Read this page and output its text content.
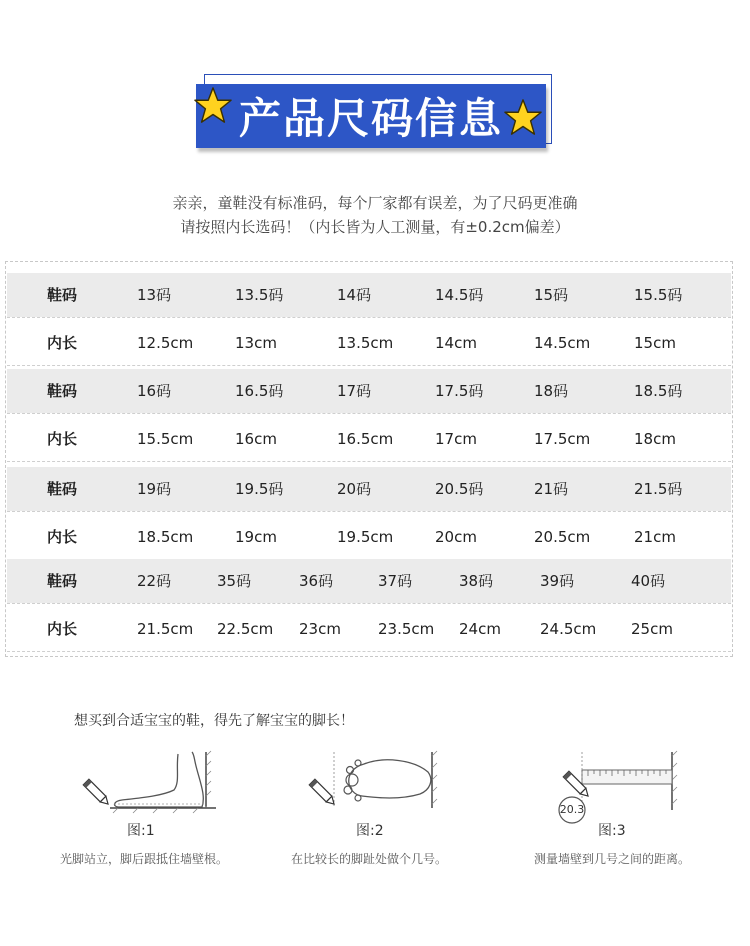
产品尺码信息
亲亲，童鞋没有标准码，每个厂家都有误差，为了尺码更准确
请按照内长选码！（内长皆为人工测量，有±0.2cm偏差）
鞋码	13码	13.5码	14码	14.5码	15码	15.5码
内长	12.5cm	13cm	13.5cm	14cm	14.5cm	15cm
鞋码	16码	16.5码	17码	17.5码	18码	18.5码
内长	15.5cm	16cm	16.5cm	17cm	17.5cm	18cm
鞋码	19码	19.5码	20码	20.5码	21码	21.5码
内长	18.5cm	19cm	19.5cm	20cm	20.5cm	21cm
鞋码	22码	35码	36码	37码	38码	39码	40码
内长	21.5cm 22.5cm 23cm 23.5cm 24cm	24.5cm 25cm
想买到合适宝宝的鞋，得先了解宝宝的脚长！
图:1
光脚站立，脚后跟抵住墙壁根。
图:2
在比较长的脚趾处做个几号。
20.3
图:3
测量墙壁到几号之间的距离。
